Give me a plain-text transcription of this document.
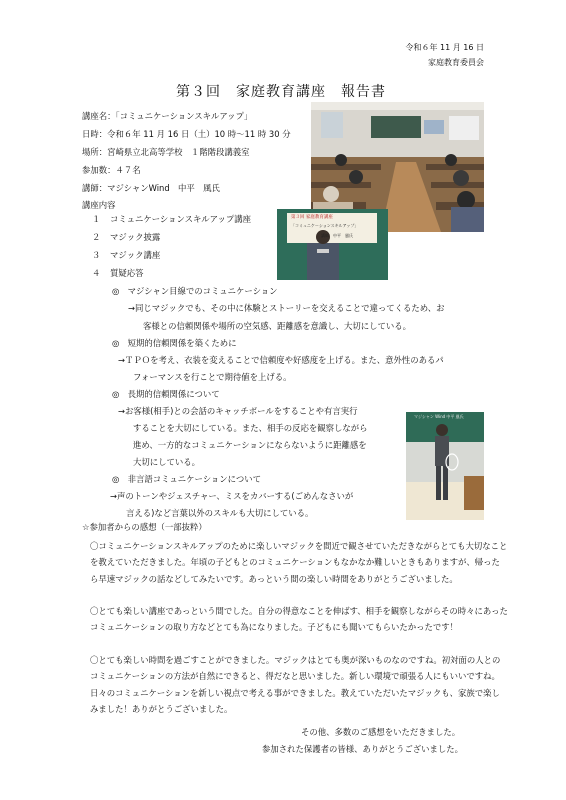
令和６年 11 月 16 日
家庭教育委員会
第３回　家庭教育講座　報告書
講座名：「コミュニケーションスキルアップ」
日時：令和６年 11 月 16 日（土）10 時～11 時 30 分
場所：宮崎県立北高等学校　１階階段講義室
参加数：４７名
講師：マジシャンWind　中平　風氏
講座内容
１ コミュニケーションスキルアップ講座
２ マジック披露
３ マジック講座
４ 質疑応答
◎　マジシャン目線でのコミュニケーション
→同じマジックでも、その中に体験とストーリーを交えることで違ってくるため、お
客様との信頼関係や場所の空気感、距離感を意識し、大切にしている。
◎　短期的信頼関係を築くために
→ＴＰＯを考え、衣装を変えることで信頼度や好感度を上げる。また、意外性のあるパ
フォーマンスを行ことで期待値を上げる。
◎　長期的信頼関係について
→お客様(相手)との会話のキャッチボールをすることや有言実行
することを大切にしている。また、相手の反応を観察しながら
進め、一方的なコミュニケーションにならないように距離感を
大切にしている。
◎　非言語コミュニケーションについて
→声のトーンやジェスチャー、ミスをカバーする(ごめんなさいが
言える)など言葉以外のスキルも大切にしている。
☆参加者からの感想（一部抜粋）
〇コミュニケーションスキルアップのために楽しいマジックを間近で観させていただきながらとても大切なことを教えていただきました。年頃の子どもとのコミュニケーションもなかなか難しいときもありますが、帰ったら早速マジックの話などしてみたいです。あっという間の楽しい時間をありがとうございました。
〇とても楽しい講座であっという間でした。自分の得意なことを伸ばす、相手を観察しながらその時々にあったコミュニケーションの取り方などとても為になりました。子どもにも聞いてもらいたかったです！
〇とても楽しい時間を過ごすことができました。マジックはとても奥が深いものなのですね。初対面の人とのコミュニケーションの方法が自然にできると、得だなと思いました。新しい環境で頑張る人にもいいですね。日々のコミュニケーションを新しい視点で考える事ができました。教えていただいたマジックも、家族で楽しみました！ありがとうございました。
その他、多数のご感想をいただきました。
参加された保護者の皆様、ありがとうございました。
第３回 家庭教育講座
「コミュニケーションスキルアップ」
講師　中平　風氏
マジシャン Wind 中平 風氏
